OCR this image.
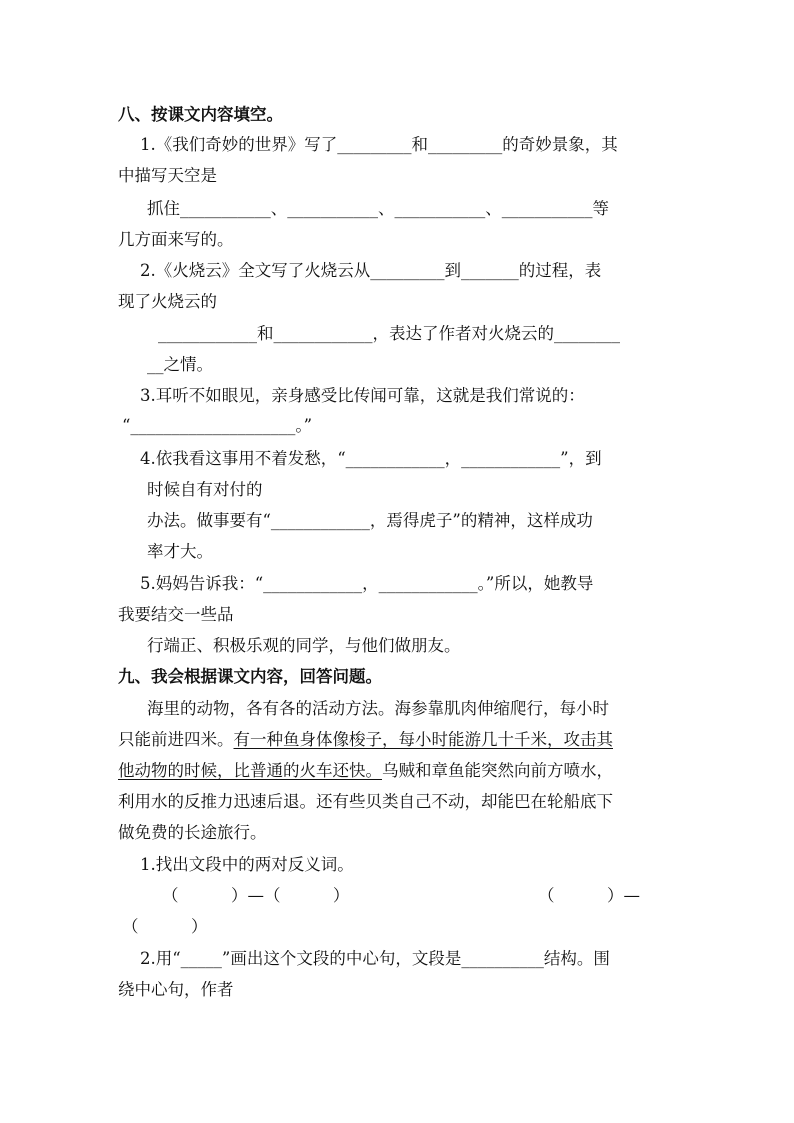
八、按课文内容填空。
1.《我们奇妙的世界》写了_________和_________的奇妙景象，其
中描写天空是
抓住___________、___________、___________、___________等
几方面来写的。
2.《火烧云》全文写了火烧云从_________到_______的过程，表
现了火烧云的
____________和____________，表达了作者对火烧云的________
__之情。
3.耳听不如眼见，亲身感受比传闻可靠，这就是我们常说的：
“____________________。”
4.依我看这事用不着发愁，“____________，____________”，到
时候自有对付的
办法。做事要有“____________，焉得虎子”的精神，这样成功
率才大。
5.妈妈告诉我：“____________，____________。”所以，她教导
我要结交一些品
行端正、积极乐观的同学，与他们做朋友。
九、我会根据课文内容，回答问题。
海里的动物，各有各的活动方法。海参靠肌肉伸缩爬行，每小时
只能前进四米。有一种鱼身体像梭子，每小时能游几十千米，攻击其
他动物的时候，比普通的火车还快。乌贼和章鱼能突然向前方喷水，
利用水的反推力迅速后退。还有些贝类自己不动，却能巴在轮船底下
做免费的长途旅行。
1.找出文段中的两对反义词。
（          ）—（          ）	（          ）—
（          ）
2.用“_____”画出这个文段的中心句，文段是__________结构。围
绕中心句，作者
